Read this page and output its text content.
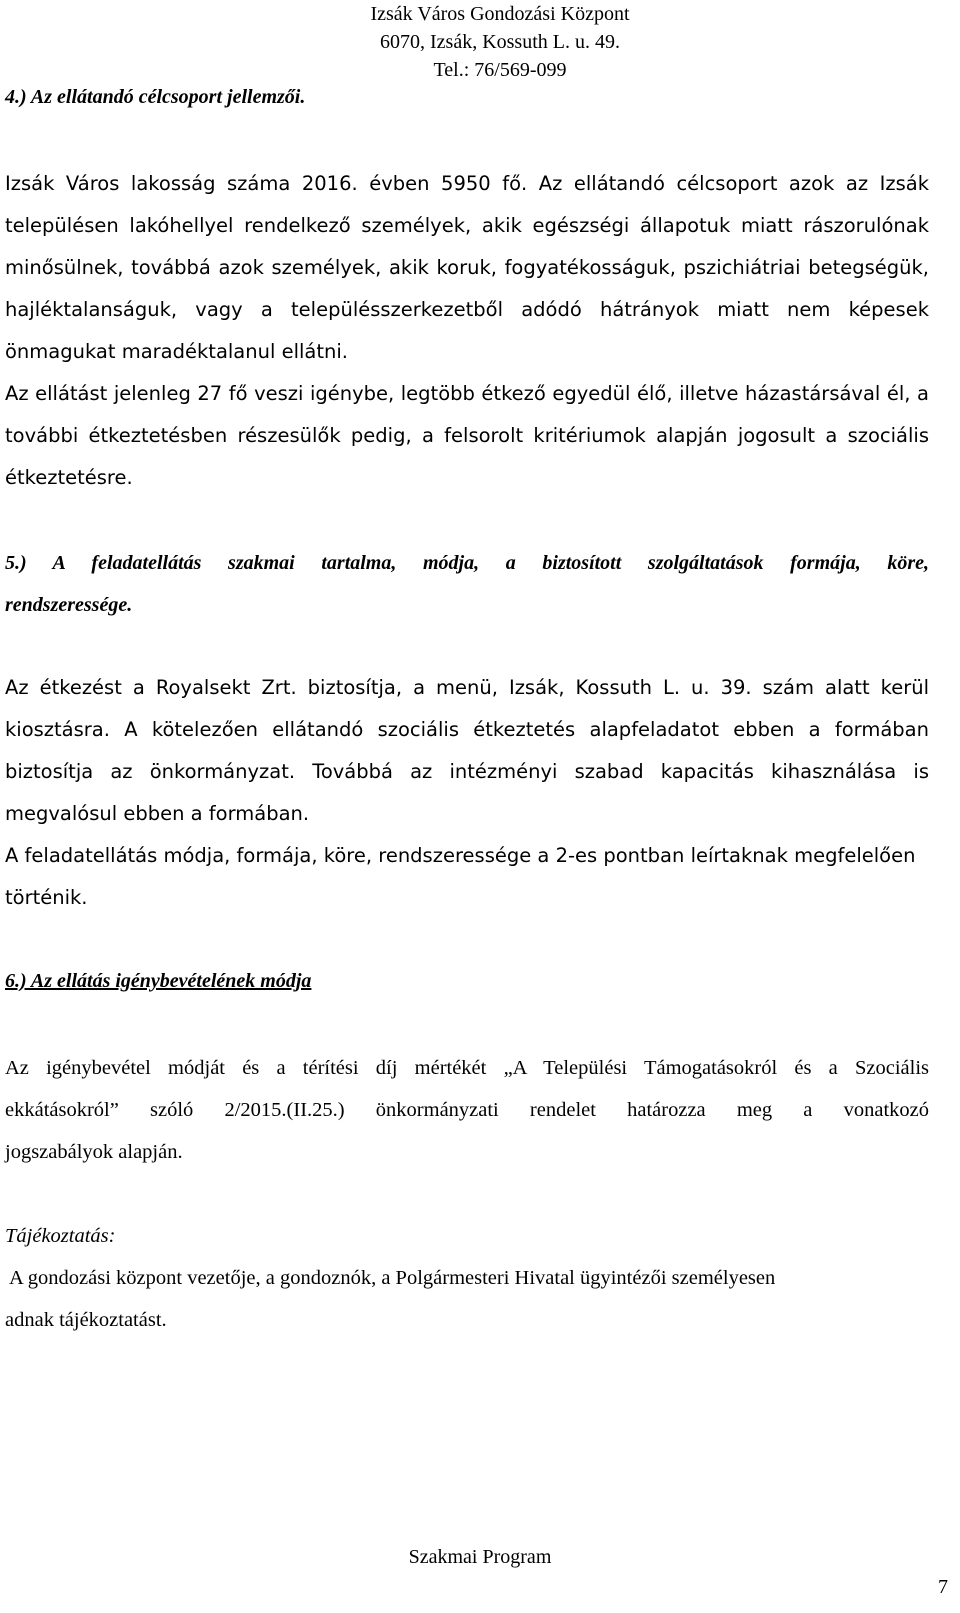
Izsák Város Gondozási Központ
6070, Izsák, Kossuth L. u. 49.
Tel.: 76/569-099
4.) Az ellátandó célcsoport jellemzői.
Izsák Város lakosság száma 2016. évben 5950 fő. Az ellátandó célcsoport azok az Izsák
településen lakóhellyel rendelkező személyek, akik egészségi állapotuk miatt rászorulónak
minősülnek, továbbá azok személyek, akik koruk, fogyatékosságuk, pszichiátriai betegségük,
hajléktalanságuk, vagy a településszerkezetből adódó hátrányok miatt nem képesek
önmagukat maradéktalanul ellátni.
Az ellátást jelenleg 27 fő veszi igénybe, legtöbb étkező egyedül élő, illetve házastársával él, a
további étkeztetésben részesülők pedig, a felsorolt kritériumok alapján jogosult a szociális
étkeztetésre.
5.) A feladatellátás szakmai tartalma, módja, a biztosított szolgáltatások formája, köre,
rendszeressége.
Az étkezést a Royalsekt Zrt. biztosítja, a menü, Izsák, Kossuth L. u. 39. szám alatt kerül
kiosztásra. A kötelezően ellátandó szociális étkeztetés alapfeladatot ebben a formában
biztosítja az önkormányzat. Továbbá az intézményi szabad kapacitás kihasználása is
megvalósul ebben a formában.
A feladatellátás módja, formája, köre, rendszeressége a 2-es pontban leírtaknak megfelelően
történik.
6.) Az ellátás igénybevételének módja
Az igénybevétel módját és a térítési díj mértékét „A Települési Támogatásokról és a Szociális
ekkátásokról” szóló 2/2015.(II.25.) önkormányzati rendelet határozza meg a vonatkozó
jogszabályok alapján.
Tájékoztatás:
A gondozási központ vezetője, a gondoznók, a Polgármesteri Hivatal ügyintézői személyesen
adnak tájékoztatást.
Szakmai Program
7
